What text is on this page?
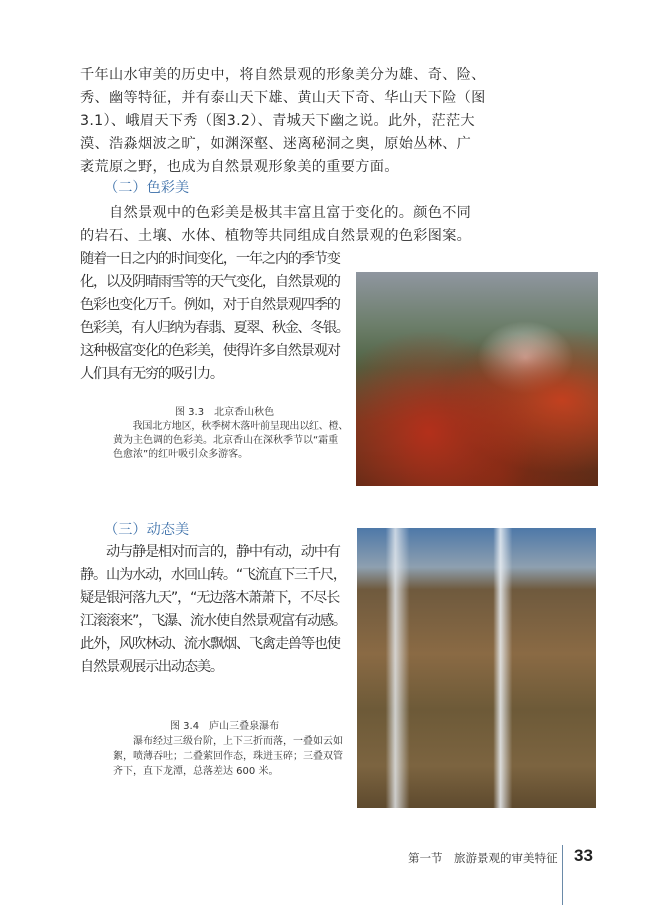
千年山水审美的历史中，将自然景观的形象美分为雄、奇、险、
秀、幽等特征，并有泰山天下雄、黄山天下奇、华山天下险（图
3.1）、峨眉天下秀（图3.2）、青城天下幽之说。此外，茫茫大
漠、浩淼烟波之旷，如渊深壑、迷离秘洞之奥，原始丛林、广
袤荒原之野，也成为自然景观形象美的重要方面。
（二）色彩美
　　自然景观中的色彩美是极其丰富且富于变化的。颜色不同
的岩石、土壤、水体、植物等共同组成自然景观的色彩图案。
随着一日之内的时间变化，一年之内的季节变
化，以及阴晴雨雪等的天气变化，自然景观的
色彩也变化万千。例如，对于自然景观四季的
色彩美，有人归纳为春翡、夏翠、秋金、冬银。
这种极富变化的色彩美，使得许多自然景观对
人们具有无穷的吸引力。
图 3.3　北京香山秋色
　　我国北方地区，秋季树木落叶前呈现出以红、橙、
黄为主色调的色彩美。北京香山在深秋季节以“霜重
色愈浓”的红叶吸引众多游客。
（三）动态美
　　动与静是相对而言的，静中有动，动中有
静。山为水动，水回山转。“飞流直下三千尺，
疑是银河落九天”，“无边落木萧萧下，不尽长
江滚滚来”，飞瀑、流水使自然景观富有动感。
此外，风吹林动、流水飘烟、飞禽走兽等也使
自然景观展示出动态美。
图 3.4　庐山三叠泉瀑布
　　瀑布经过三级台阶，上下三折而落，一叠如云如
絮，喷薄吞吐；二叠萦回作态，珠迸玉碎；三叠双管
齐下，直下龙潭，总落差达 600 米。
第一节　旅游景观的审美特征 33
